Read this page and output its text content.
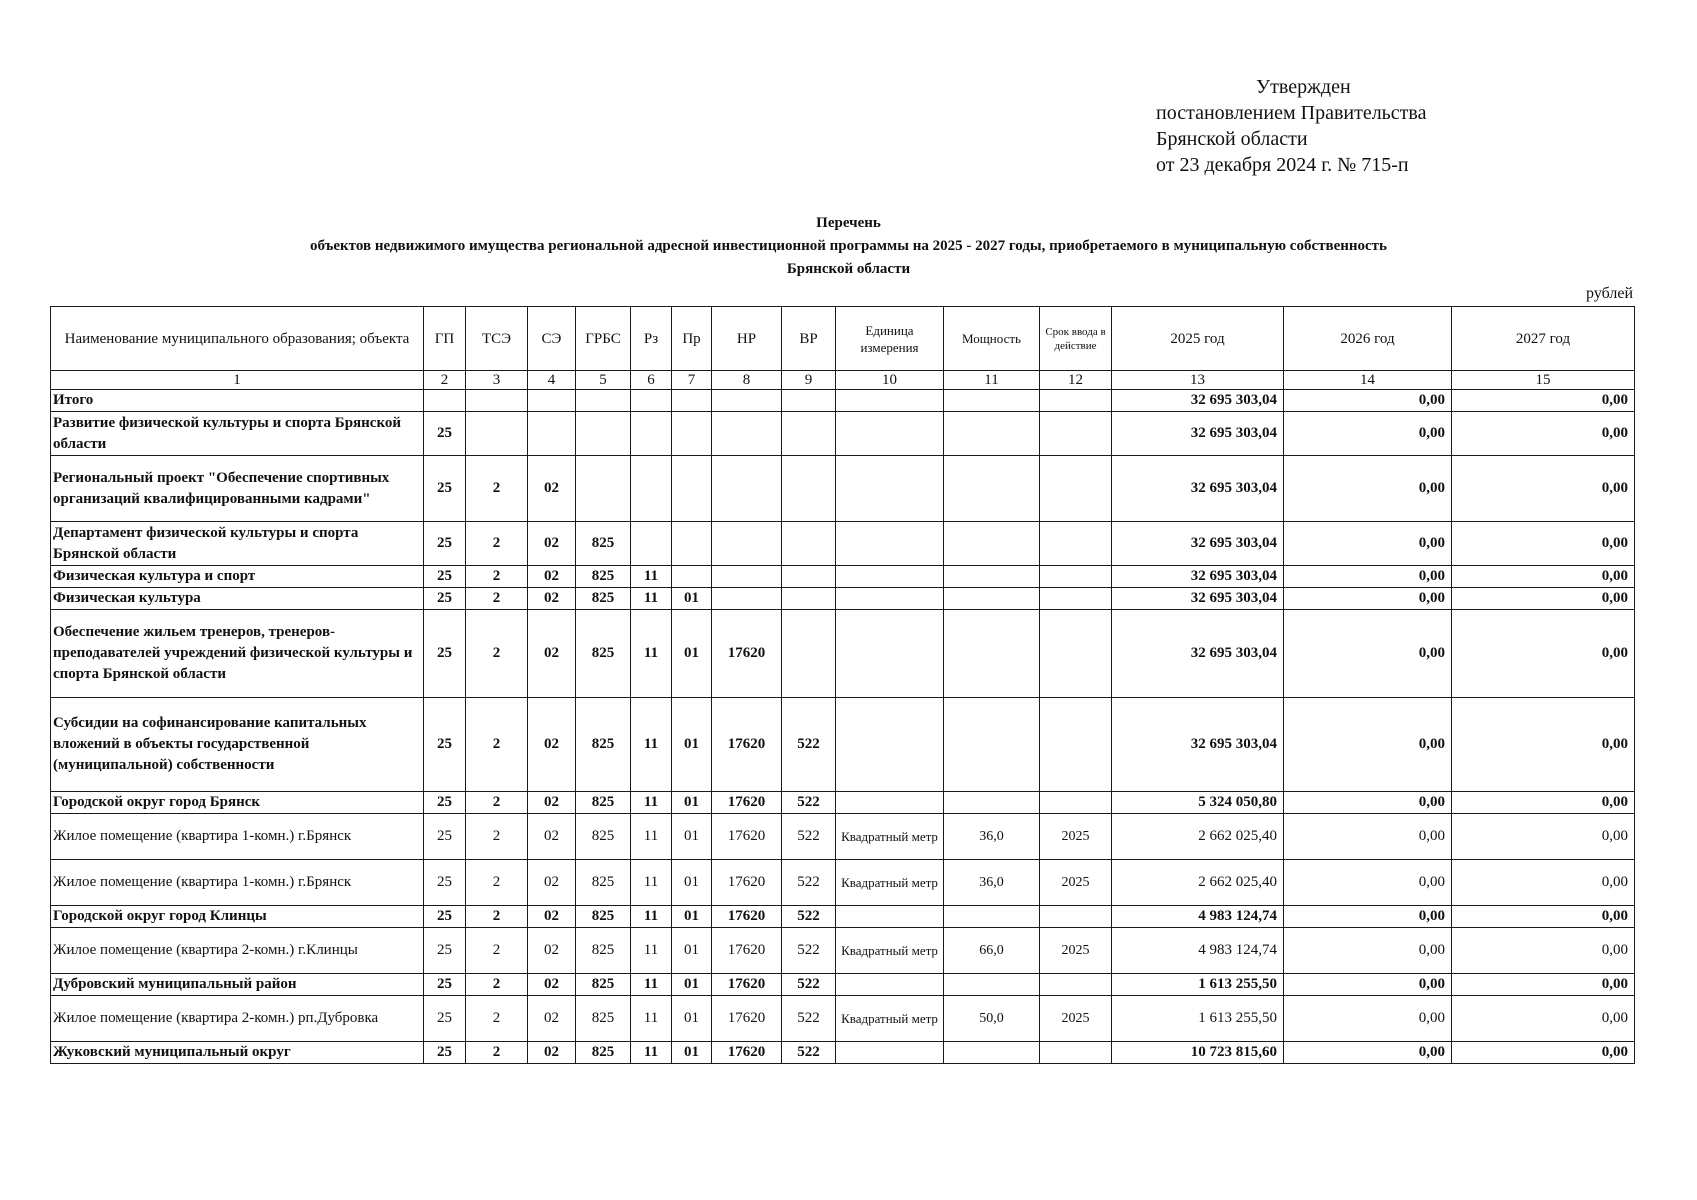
Утвержден
постановлением Правительства
Брянской области
от 23 декабря 2024 г. № 715-п
Перечень
объектов недвижимого имущества региональной адресной инвестиционной программы на 2025 - 2027 годы, приобретаемого в муниципальную собственность
Брянской области
рублей
Наименование муниципального образования; объекта	ГП	ТСЭ	СЭ	ГРБС	Рз	Пр	НР	ВР	Единица измерения	Мощность	Срок ввода в действие	2025 год	2026 год	2027 год
1	2	3	4	5	6	7	8	9	10	11	12	13	14	15
Итого												32 695 303,04	0,00	0,00
Развитие физической культуры и спорта Брянской области	25											32 695 303,04	0,00	0,00
Региональный проект "Обеспечение спортивных организаций квалифицированными кадрами"	25	2	02									32 695 303,04	0,00	0,00
Департамент физической культуры и спорта Брянской области	25	2	02	825								32 695 303,04	0,00	0,00
Физическая культура и спорт	25	2	02	825	11							32 695 303,04	0,00	0,00
Физическая культура	25	2	02	825	11	01						32 695 303,04	0,00	0,00
Обеспечение жильем тренеров, тренеров-преподавателей учреждений физической культуры и спорта Брянской области	25	2	02	825	11	01	17620					32 695 303,04	0,00	0,00
Субсидии на софинансирование капитальных вложений в объекты государственной (муниципальной) собственности	25	2	02	825	11	01	17620	522				32 695 303,04	0,00	0,00
Городской округ город Брянск	25	2	02	825	11	01	17620	522				5 324 050,80	0,00	0,00
Жилое помещение (квартира 1-комн.) г.Брянск	25	2	02	825	11	01	17620	522	Квадратный метр	36,0	2025	2 662 025,40	0,00	0,00
Жилое помещение (квартира 1-комн.) г.Брянск	25	2	02	825	11	01	17620	522	Квадратный метр	36,0	2025	2 662 025,40	0,00	0,00
Городской округ город Клинцы	25	2	02	825	11	01	17620	522				4 983 124,74	0,00	0,00
Жилое помещение (квартира 2-комн.) г.Клинцы	25	2	02	825	11	01	17620	522	Квадратный метр	66,0	2025	4 983 124,74	0,00	0,00
Дубровский муниципальный район	25	2	02	825	11	01	17620	522				1 613 255,50	0,00	0,00
Жилое помещение (квартира 2-комн.) рп.Дубровка	25	2	02	825	11	01	17620	522	Квадратный метр	50,0	2025	1 613 255,50	0,00	0,00
Жуковский муниципальный округ	25	2	02	825	11	01	17620	522				10 723 815,60	0,00	0,00
